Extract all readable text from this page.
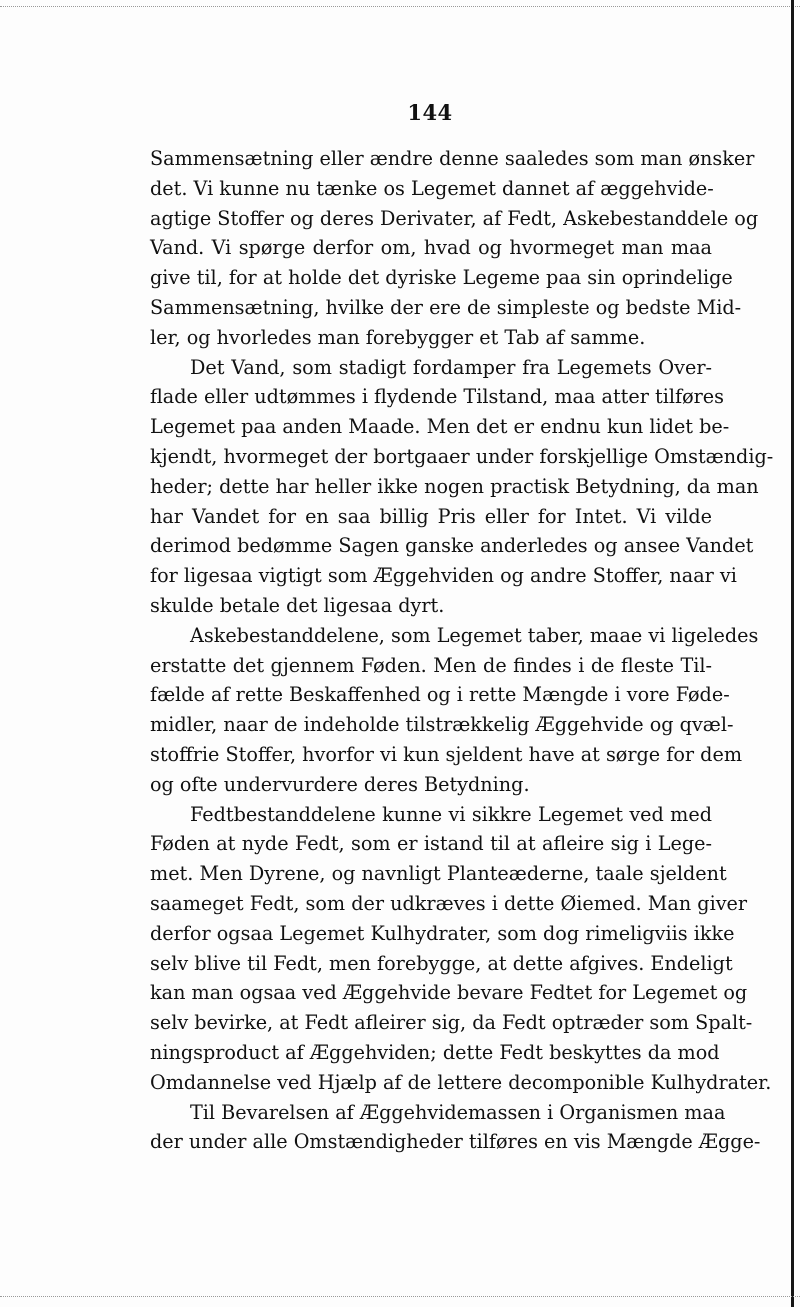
144
Sammensætning eller ændre denne saaledes som man ønsker
det. Vi kunne nu tænke os Legemet dannet af æggehvide-
agtige Stoffer og deres Derivater, af Fedt, Askebestanddele og
Vand. Vi spørge derfor om, hvad og hvormeget man maa
give til, for at holde det dyriske Legeme paa sin oprindelige
Sammensætning, hvilke der ere de simpleste og bedste Mid-
ler, og hvorledes man forebygger et Tab af samme.
Det Vand, som stadigt fordamper fra Legemets Over-
flade eller udtømmes i flydende Tilstand, maa atter tilføres
Legemet paa anden Maade. Men det er endnu kun lidet be-
kjendt, hvormeget der bortgaaer under forskjellige Omstændig-
heder; dette har heller ikke nogen practisk Betydning, da man
har Vandet for en saa billig Pris eller for Intet. Vi vilde
derimod bedømme Sagen ganske anderledes og ansee Vandet
for ligesaa vigtigt som Æggehviden og andre Stoffer, naar vi
skulde betale det ligesaa dyrt.
Askebestanddelene, som Legemet taber, maae vi ligeledes
erstatte det gjennem Føden. Men de findes i de fleste Til-
fælde af rette Beskaffenhed og i rette Mængde i vore Føde-
midler, naar de indeholde tilstrækkelig Æggehvide og qvæl-
stoffrie Stoffer, hvorfor vi kun sjeldent have at sørge for dem
og ofte undervurdere deres Betydning.
Fedtbestanddelene kunne vi sikkre Legemet ved med
Føden at nyde Fedt, som er istand til at afleire sig i Lege-
met. Men Dyrene, og navnligt Planteæderne, taale sjeldent
saameget Fedt, som der udkræves i dette Øiemed. Man giver
derfor ogsaa Legemet Kulhydrater, som dog rimeligviis ikke
selv blive til Fedt, men forebygge, at dette afgives. Endeligt
kan man ogsaa ved Æggehvide bevare Fedtet for Legemet og
selv bevirke, at Fedt afleirer sig, da Fedt optræder som Spalt-
ningsproduct af Æggehviden; dette Fedt beskyttes da mod
Omdannelse ved Hjælp af de lettere decomponible Kulhydrater.
Til Bevarelsen af Æggehvidemassen i Organismen maa
der under alle Omstændigheder tilføres en vis Mængde Ægge-
